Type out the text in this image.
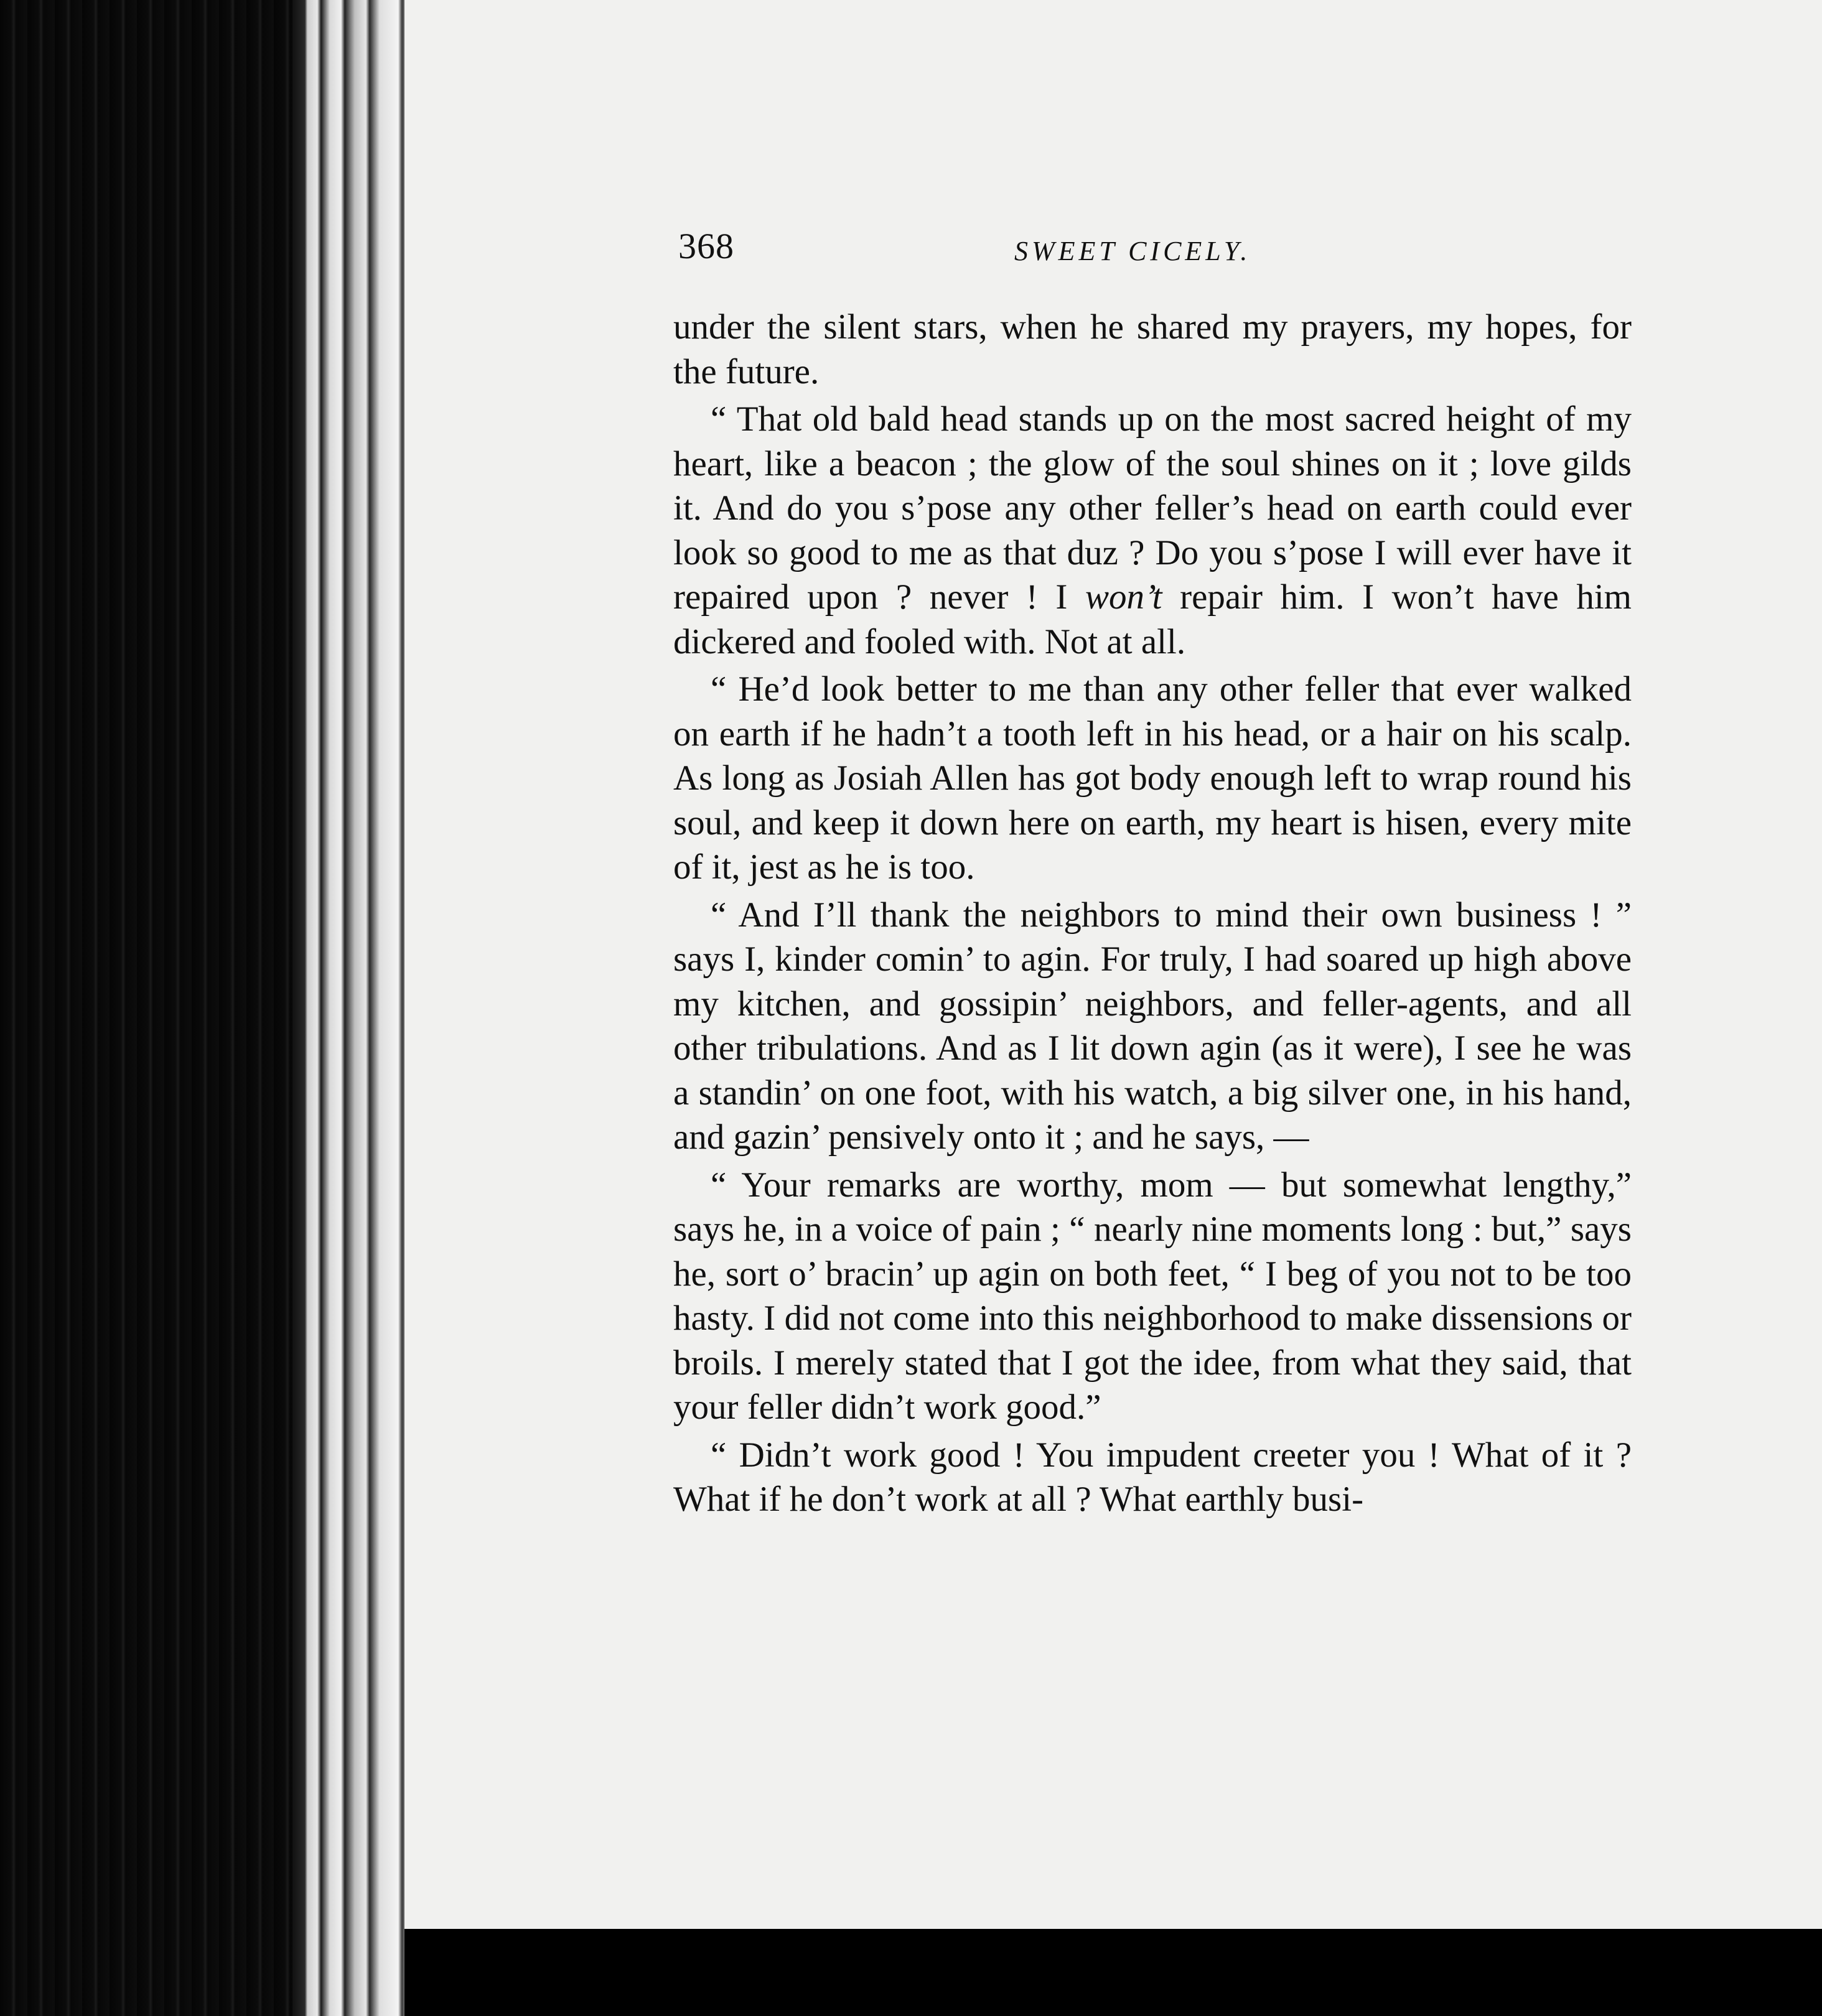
368	SWEET CICELY.

under the silent stars, when he shared my prayers, my hopes, for the future.

“ That old bald head stands up on the most sacred height of my heart, like a beacon ; the glow of the soul shines on it ; love gilds it. And do you s’pose any other feller’s head on earth could ever look so good to me as that duz ? Do you s’pose I will ever have it repaired upon ? never ! I won’t repair him. I won’t have him dickered and fooled with. Not at all.

“ He’d look better to me than any other feller that ever walked on earth if he hadn’t a tooth left in his head, or a hair on his scalp. As long as Josiah Allen has got body enough left to wrap round his soul, and keep it down here on earth, my heart is hisen, every mite of it, jest as he is too.

“ And I’ll thank the neighbors to mind their own business ! ” says I, kinder comin’ to agin. For truly, I had soared up high above my kitchen, and gossipin’ neighbors, and feller-agents, and all other tribulations. And as I lit down agin (as it were), I see he was a standin’ on one foot, with his watch, a big silver one, in his hand, and gazin’ pensively onto it ; and he says, —

“ Your remarks are worthy, mom — but somewhat lengthy,” says he, in a voice of pain ; “ nearly nine moments long : but,” says he, sort o’ bracin’ up agin on both feet, “ I beg of you not to be too hasty. I did not come into this neighborhood to make dissensions or broils. I merely stated that I got the idee, from what they said, that your feller didn’t work good.”

“ Didn’t work good ! You impudent creeter you ! What of it ? What if he don’t work at all ? What earthly busi-
